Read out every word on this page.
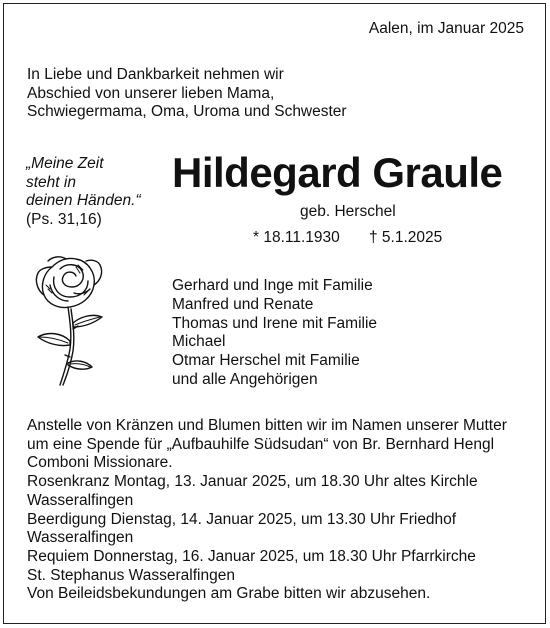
Aalen, im Januar 2025

In Liebe und Dankbarkeit nehmen wir
Abschied von unserer lieben Mama,
Schwiegermama, Oma, Uroma und Schwester

„Meine Zeit
steht in
deinen Händen.“
(Ps. 31,16)

Hildegard Graule

geb. Herschel

* 18.11.1930 † 5.1.2025

Gerhard und Inge mit Familie
Manfred und Renate
Thomas und Irene mit Familie
Michael
Otmar Herschel mit Familie
und alle Angehörigen

Anstelle von Kränzen und Blumen bitten wir im Namen unserer Mutter
um eine Spende für „Aufbauhilfe Südsudan“ von Br. Bernhard Hengl
Comboni Missionare.
Rosenkranz Montag, 13. Januar 2025, um 18.30 Uhr altes Kirchle
Wasseralfingen
Beerdigung Dienstag, 14. Januar 2025, um 13.30 Uhr Friedhof
Wasseralfingen
Requiem Donnerstag, 16. Januar 2025, um 18.30 Uhr Pfarrkirche
St. Stephanus Wasseralfingen
Von Beileidsbekundungen am Grabe bitten wir abzusehen.
